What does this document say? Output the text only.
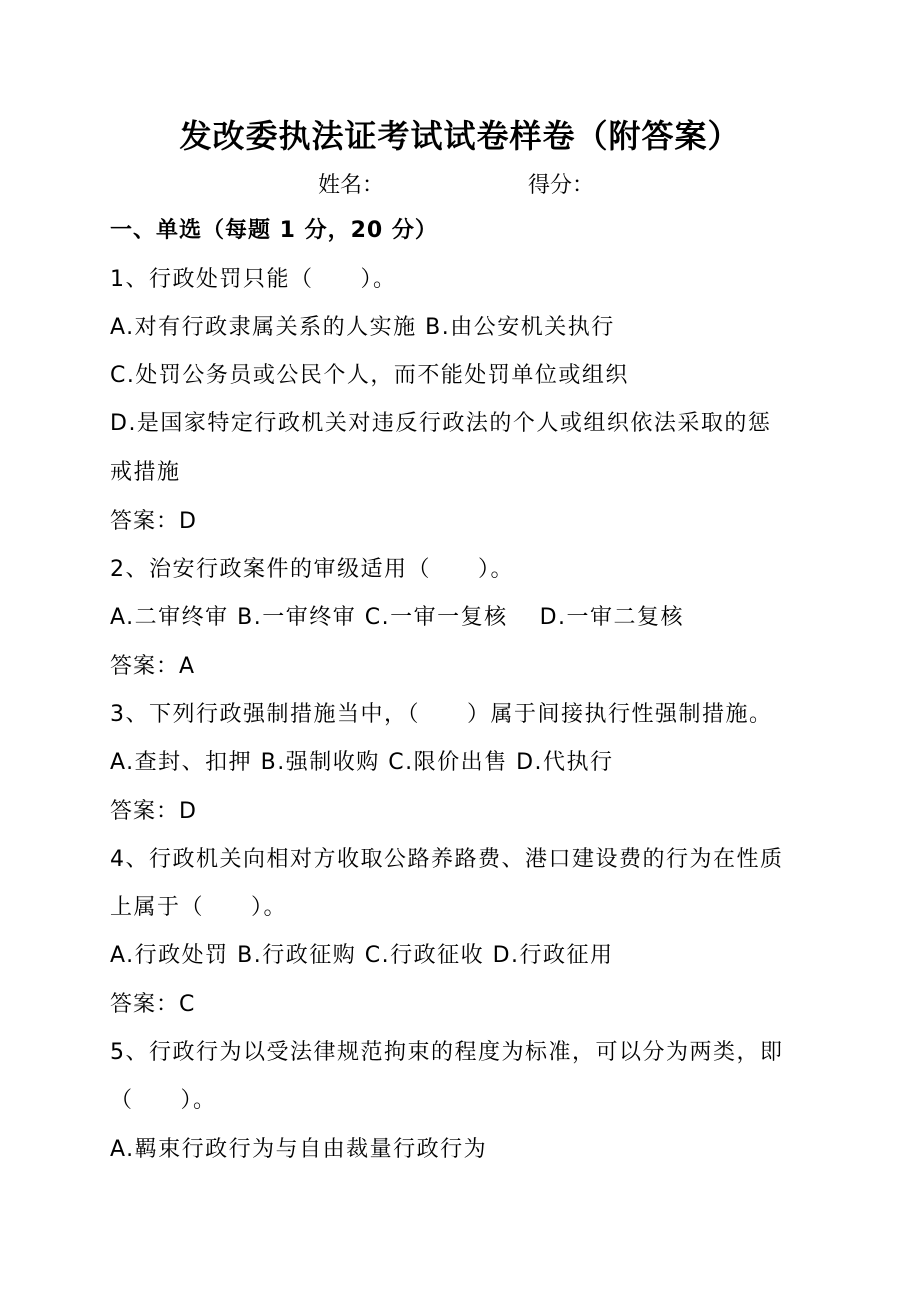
发改委执法证考试试卷样卷（附答案）
姓名：	得分：
一、单选（每题 1 分，20 分）
1、行政处罚只能（　　）。
A.对有行政隶属关系的人实施 B.由公安机关执行
C.处罚公务员或公民个人，而不能处罚单位或组织
D.是国家特定行政机关对违反行政法的个人或组织依法采取的惩
戒措施
答案：D
2、治安行政案件的审级适用（　　）。
A.二审终审 B.一审终审 C.一审一复核　 D.一审二复核
答案：A
3、下列行政强制措施当中，（　　）属于间接执行性强制措施。
A.查封、扣押 B.强制收购 C.限价出售 D.代执行
答案：D
4、行政机关向相对方收取公路养路费、港口建设费的行为在性质
上属于（　　）。
A.行政处罚 B.行政征购 C.行政征收 D.行政征用
答案：C
5、行政行为以受法律规范拘束的程度为标准，可以分为两类，即
（　　）。
A.羁束行政行为与自由裁量行政行为
